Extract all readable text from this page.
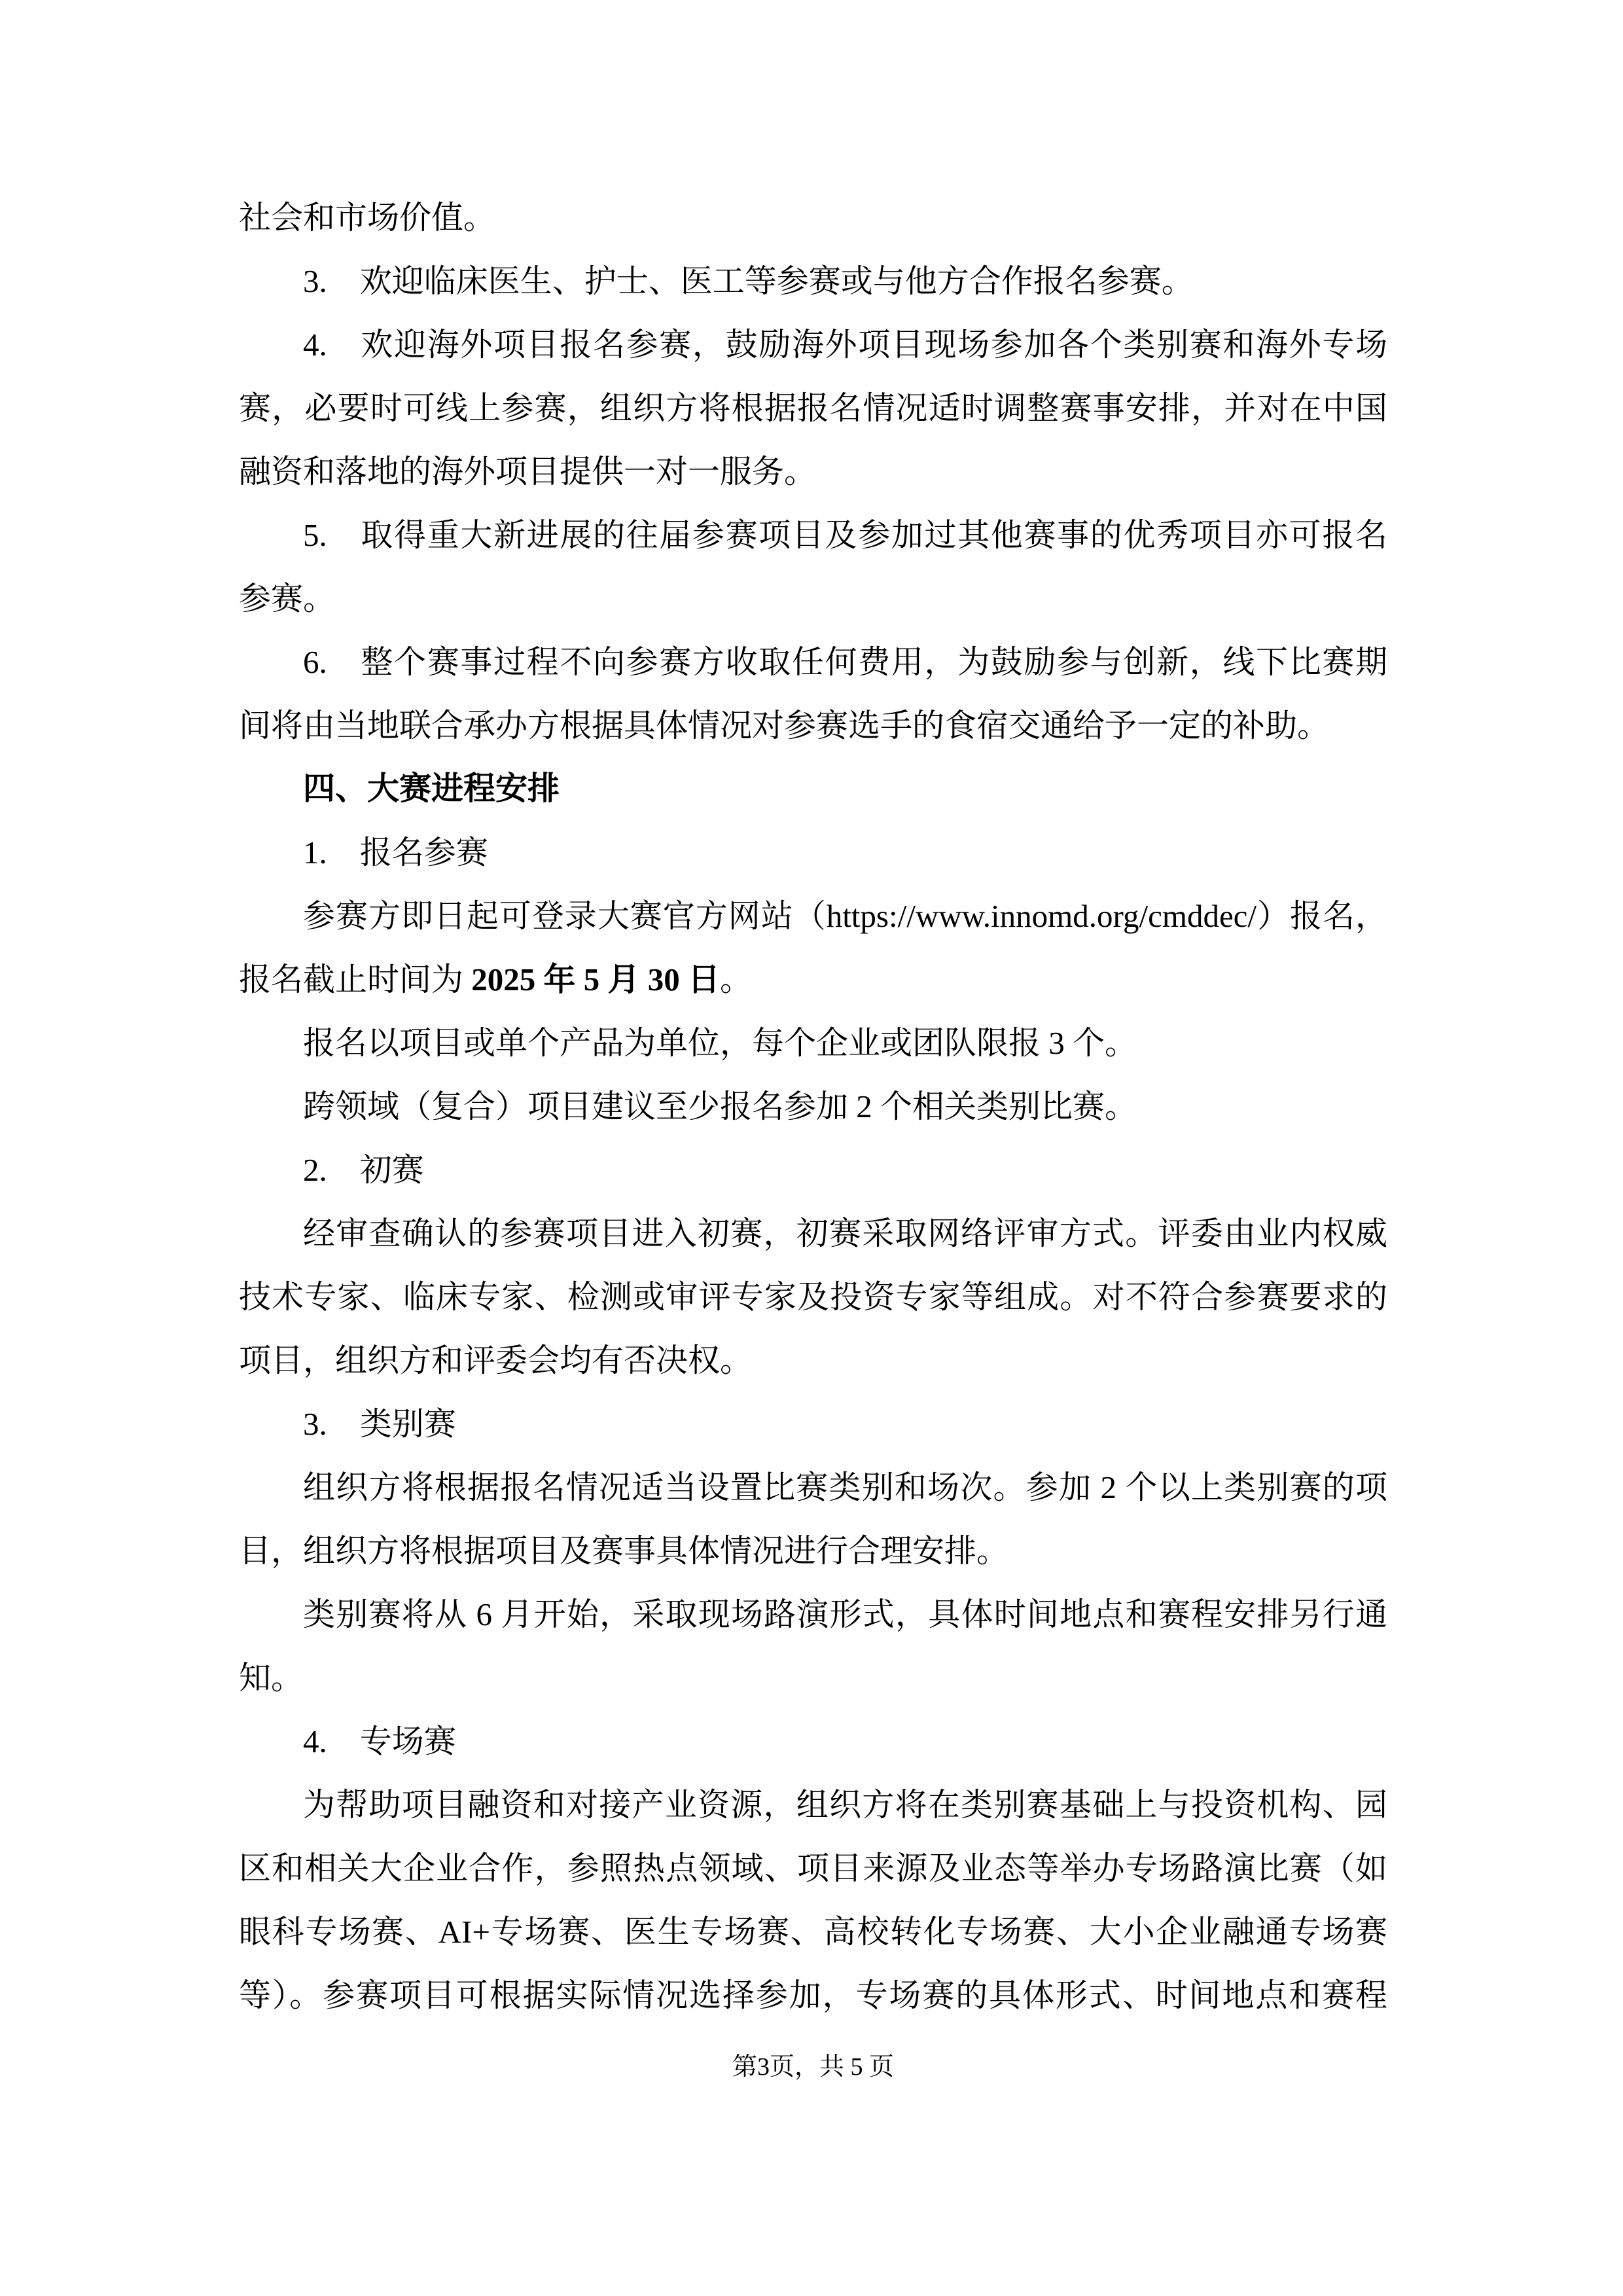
社会和市场价值。

3. 欢迎临床医生、护士、医工等参赛或与他方合作报名参赛。

4. 欢迎海外项目报名参赛，鼓励海外项目现场参加各个类别赛和海外专场

赛，必要时可线上参赛，组织方将根据报名情况适时调整赛事安排，并对在中国

融资和落地的海外项目提供一对一服务。

5. 取得重大新进展的往届参赛项目及参加过其他赛事的优秀项目亦可报名

参赛。

6. 整个赛事过程不向参赛方收取任何费用，为鼓励参与创新，线下比赛期

间将由当地联合承办方根据具体情况对参赛选手的食宿交通给予一定的补助。

四、大赛进程安排

1. 报名参赛

参赛方即日起可登录大赛官方网站（https://www.innomd.org/cmddec/）报名，

报名截止时间为 2025 年 5 月 30 日。

报名以项目或单个产品为单位，每个企业或团队限报 3 个。

跨领域（复合）项目建议至少报名参加 2 个相关类别比赛。

2. 初赛

经审查确认的参赛项目进入初赛，初赛采取网络评审方式。评委由业内权威

技术专家、临床专家、检测或审评专家及投资专家等组成。对不符合参赛要求的

项目，组织方和评委会均有否决权。

3. 类别赛

组织方将根据报名情况适当设置比赛类别和场次。参加 2 个以上类别赛的项

目，组织方将根据项目及赛事具体情况进行合理安排。

类别赛将从 6 月开始，采取现场路演形式，具体时间地点和赛程安排另行通

知。

4. 专场赛

为帮助项目融资和对接产业资源，组织方将在类别赛基础上与投资机构、园

区和相关大企业合作，参照热点领域、项目来源及业态等举办专场路演比赛（如

眼科专场赛、AI+专场赛、医生专场赛、高校转化专场赛、大小企业融通专场赛

等）。参赛项目可根据实际情况选择参加，专场赛的具体形式、时间地点和赛程

第3页，共 5 页
